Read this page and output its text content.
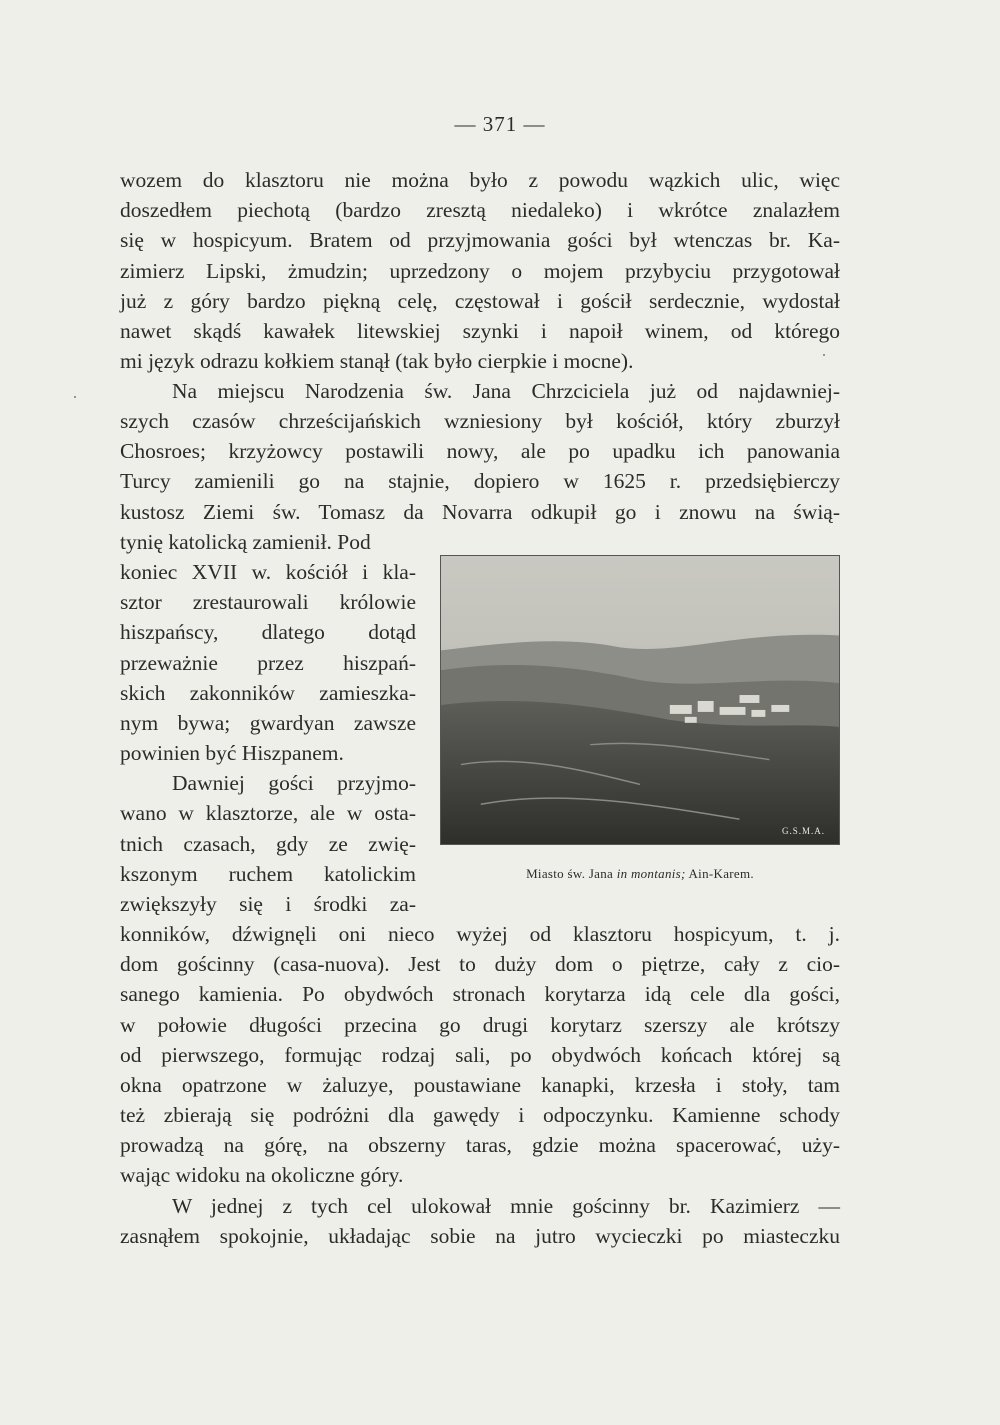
— 371 —
wozem do klasztoru nie można było z powodu wązkich ulic, więc
doszedłem piechotą (bardzo zresztą niedaleko) i wkrótce znalazłem
się w hospicyum. Bratem od przyjmowania gości był wtenczas br. Ka-
zimierz Lipski, żmudzin; uprzedzony o mojem przybyciu przygotował
już z góry bardzo piękną celę, częstował i gościł serdecznie, wydostał
nawet skądś kawałek litewskiej szynki i napoił winem, od którego
mi język odrazu kołkiem stanął (tak było cierpkie i mocne).
Na miejscu Narodzenia św. Jana Chrzciciela już od najdawniej-
szych czasów chrześcijańskich wzniesiony był kościół, który zburzył
Chosroes; krzyżowcy postawili nowy, ale po upadku ich panowania
Turcy zamienili go na stajnie, dopiero w 1625 r. przedsiębierczy
kustosz Ziemi św. Tomasz da Novarra odkupił go i znowu na świą-
tynię katolicką zamienił. Pod
koniec XVII w. kościół i kla-
sztor zrestaurowali królowie
hiszpańscy, dlatego dotąd
przeważnie przez hiszpań-
skich zakonników zamieszka-
nym bywa; gwardyan zawsze
powinien być Hiszpanem.
Dawniej gości przyjmo-
wano w klasztorze, ale w osta-
tnich czasach, gdy ze zwię-
kszonym ruchem katolickim
zwiększyły się i środki za-
konników, dźwignęli oni nieco wyżej od klasztoru hospicyum, t. j.
dom gościnny (casa-nuova). Jest to duży dom o piętrze, cały z cio-
sanego kamienia. Po obydwóch stronach korytarza idą cele dla gości,
w połowie długości przecina go drugi korytarz szerszy ale krótszy
od pierwszego, formując rodzaj sali, po obydwóch końcach której są
okna opatrzone w żaluzye, poustawiane kanapki, krzesła i stoły, tam
też zbierają się podróżni dla gawędy i odpoczynku. Kamienne schody
prowadzą na górę, na obszerny taras, gdzie można spacerować, uży-
wając widoku na okoliczne góry.
W jednej z tych cel ulokował mnie gościnny br. Kazimierz —
zasnąłem spokojnie, układając sobie na jutro wycieczki po miasteczku
G.S.M.A.
Miasto św. Jana in montanis; Ain-Karem.
